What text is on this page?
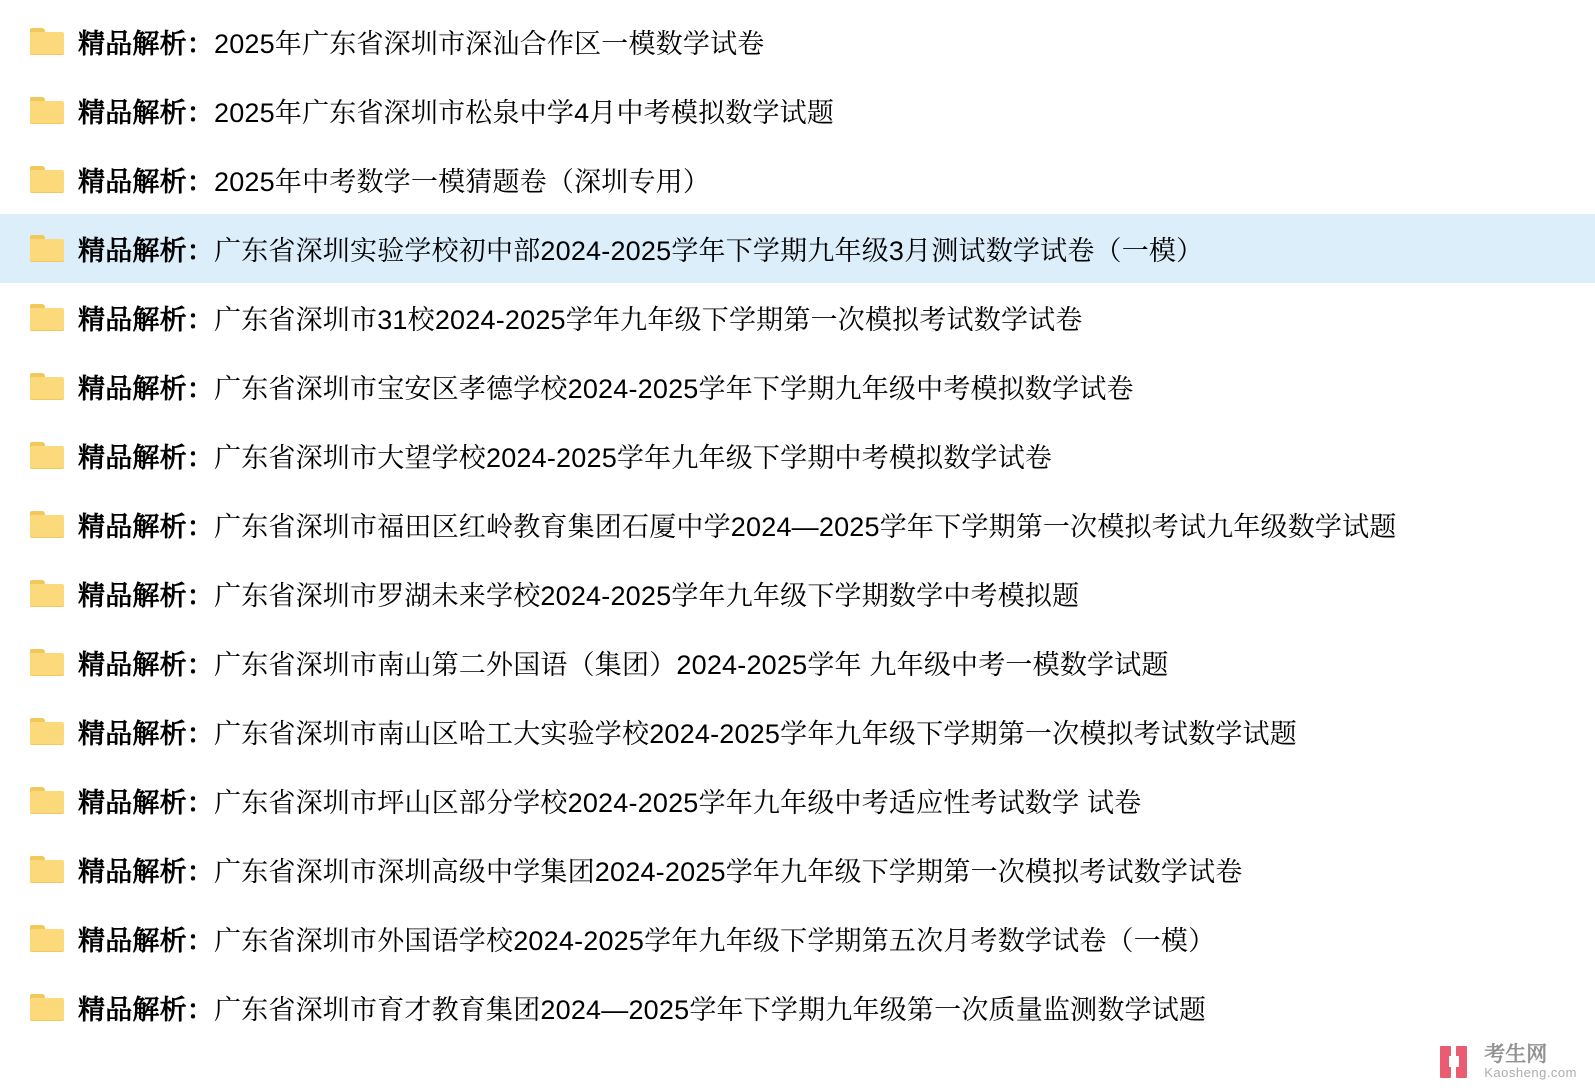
精品解析：2025年广东省深圳市深汕合作区一模数学试卷
精品解析：2025年广东省深圳市松泉中学4月中考模拟数学试题
精品解析：2025年中考数学一模猜题卷（深圳专用）
精品解析：广东省深圳实验学校初中部2024-2025学年下学期九年级3月测试数学试卷（一模）
精品解析：广东省深圳市31校2024-2025学年九年级下学期第一次模拟考试数学试卷
精品解析：广东省深圳市宝安区孝德学校2024-2025学年下学期九年级中考模拟数学试卷
精品解析：广东省深圳市大望学校2024-2025学年九年级下学期中考模拟数学试卷
精品解析：广东省深圳市福田区红岭教育集团石厦中学2024—2025学年下学期第一次模拟考试九年级数学试题
精品解析：广东省深圳市罗湖未来学校2024-2025学年九年级下学期数学中考模拟题
精品解析：广东省深圳市南山第二外国语（集团）2024-2025学年 九年级中考一模数学试题
精品解析：广东省深圳市南山区哈工大实验学校2024-2025学年九年级下学期第一次模拟考试数学试题
精品解析：广东省深圳市坪山区部分学校2024-2025学年九年级中考适应性考试数学 试卷
精品解析：广东省深圳市深圳高级中学集团2024-2025学年九年级下学期第一次模拟考试数学试卷
精品解析：广东省深圳市外国语学校2024-2025学年九年级下学期第五次月考数学试卷（一模）
精品解析：广东省深圳市育才教育集团2024—2025学年下学期九年级第一次质量监测数学试题
考生网
Kaosheng.com
